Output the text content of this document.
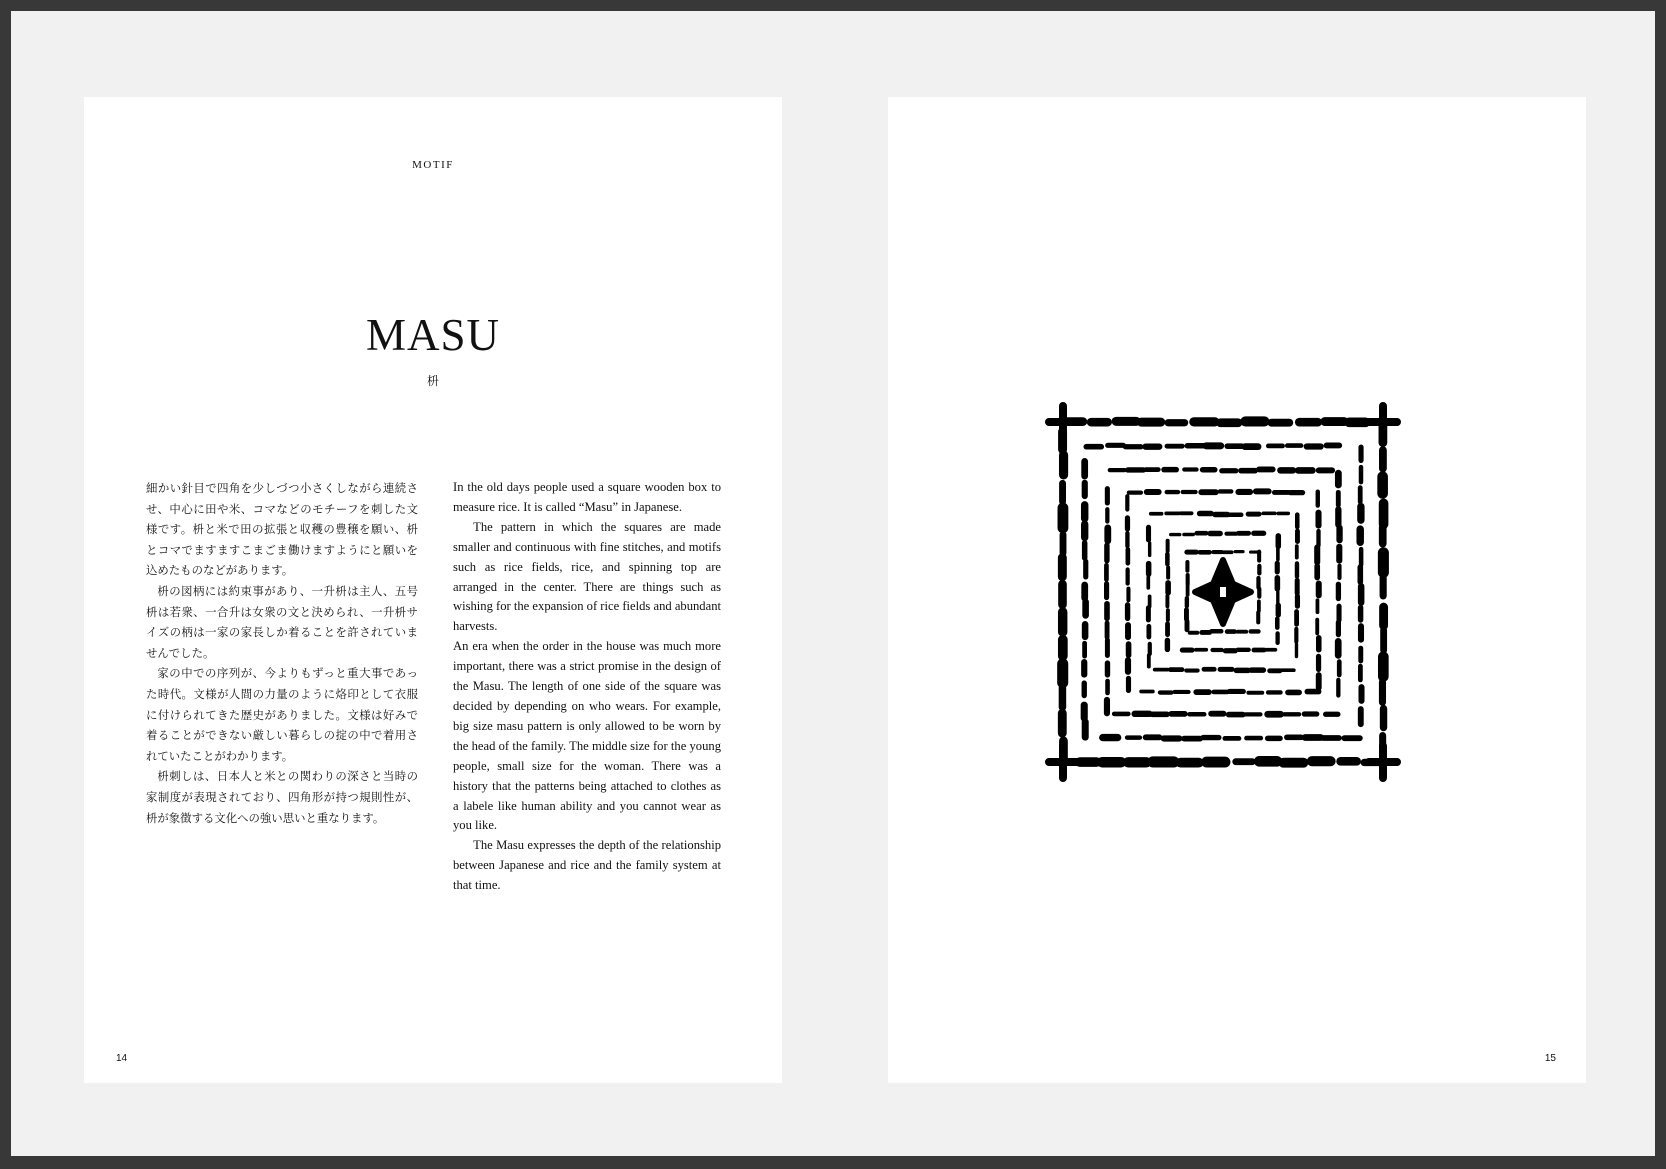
MOTIF
MASU
枡

細かい針目で四角を少しづつ小さくしながら連続させ、中心に田や米、コマなどのモチーフを刺した文様です。枡と米で田の拡張と収穫の豊穣を願い、枡とコマでますますこまごま働けますようにと願いを込めたものなどがあります。

枡の図柄には約束事があり、一升枡は主人、五号枡は若衆、一合升は女衆の文と決められ、一升枡サイズの柄は一家の家長しか着ることを許されていませんでした。

家の中での序列が、今よりもずっと重大事であった時代。文様が人間の力量のように烙印として衣服に付けられてきた歴史がありました。文様は好みで着ることができない厳しい暮らしの掟の中で着用されていたことがわかります。

枡刺しは、日本人と米との関わりの深さと当時の家制度が表現されており、四角形が持つ規則性が、枡が象徴する文化への強い思いと重なります。

In the old days people used a square wooden box to measure rice. It is called “Masu” in Japanese.

The pattern in which the squares are made smaller and continuous with fine stitches, and motifs such as rice fields, rice, and spinning top are arranged in the center. There are things such as wishing for the expansion of rice fields and abundant harvests.

An era when the order in the house was much more important, there was a strict promise in the design of the Masu. The length of one side of the square was decided by depending on who wears. For example, big size masu pattern is only allowed to be worn by the head of the family. The middle size for the young people, small size for the woman. There was a history that the patterns being attached to clothes as a labele like human ability and you cannot wear as you like.

The Masu expresses the depth of the relationship between Japanese and rice and the family system at that time.

14	15
